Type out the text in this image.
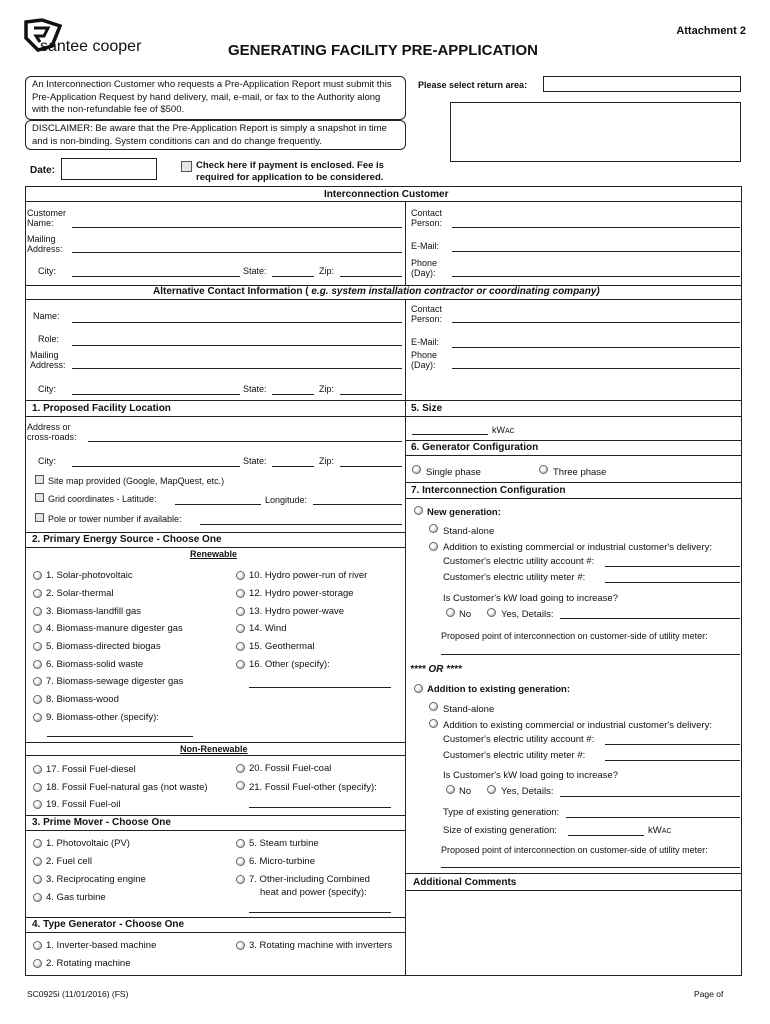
santee cooper
Attachment 2
GENERATING FACILITY PRE-APPLICATION
An Interconnection Customer who requests a Pre-Application Report must submit this Pre-Application Request by hand delivery, mail, e-mail, or fax to the Authority along with the non-refundable fee of $500.
DISCLAIMER: Be aware that the Pre-Application Report is simply a snapshot in time and is non-binding. System conditions can and do change frequently.
Please select return area:
Date:	Check here if payment is enclosed. Fee is
required for application to be considered.
Interconnection Customer
Customer
Name:
Mailing
Address:
City:	State:	Zip:
Contact
Person:
E-Mail:
Phone
(Day):
Alternative Contact Information ( e.g. system installation contractor or coordinating company)
Name:
Role:
Mailing
Address:
City:	State:	Zip:
Contact
Person:
E-Mail:
Phone
(Day):
1. Proposed Facility Location
Address or
cross-roads:
City:	State:	Zip:
Site map provided (Google, MapQuest, etc.)
Grid coordinates - Latitude:	Longitude:
Pole or tower number if available:
2. Primary Energy Source - Choose One
Renewable
1. Solar-photovoltaic
2. Solar-thermal
3. Biomass-landfill gas
4. Biomass-manure digester gas
5. Biomass-directed biogas
6. Biomass-solid waste
7. Biomass-sewage digester gas
8. Biomass-wood
9. Biomass-other (specify):
10. Hydro power-run of river
12. Hydro power-storage
13. Hydro power-wave
14. Wind
15. Geothermal
16. Other (specify):
Non-Renewable
17. Fossil Fuel-diesel
18. Fossil Fuel-natural gas (not waste)
19. Fossil Fuel-oil
20. Fossil Fuel-coal
21. Fossil Fuel-other (specify):
3. Prime Mover - Choose One
1. Photovoltaic (PV)
2. Fuel cell
3. Reciprocating engine
4. Gas turbine
5. Steam turbine
6. Micro-turbine
7. Other-including Combined
heat and power (specify):
4. Type Generator - Choose One
1. Inverter-based machine
2. Rotating machine
3. Rotating machine with inverters
5. Size
kWAC
6. Generator Configuration
Single phase	Three phase
7. Interconnection Configuration
New generation:
Stand-alone
Addition to existing commercial or industrial customer's delivery:
Customer's electric utility account #:
Customer's electric utility meter #:
Is Customer's kW load going to increase?
No	Yes, Details:
Proposed point of interconnection on customer-side of utility meter:
**** OR ****
Addition to existing generation:
Stand-alone
Addition to existing commercial or industrial customer's delivery:
Customer's electric utility account #:
Customer's electric utility meter #:
Is Customer's kW load going to increase?
No	Yes, Details:
Type of existing generation:
Size of existing generation:	kWAC
Proposed point of interconnection on customer-side of utility meter:
Additional Comments
SC0925i (11/01/2016) (FS)	Page of
